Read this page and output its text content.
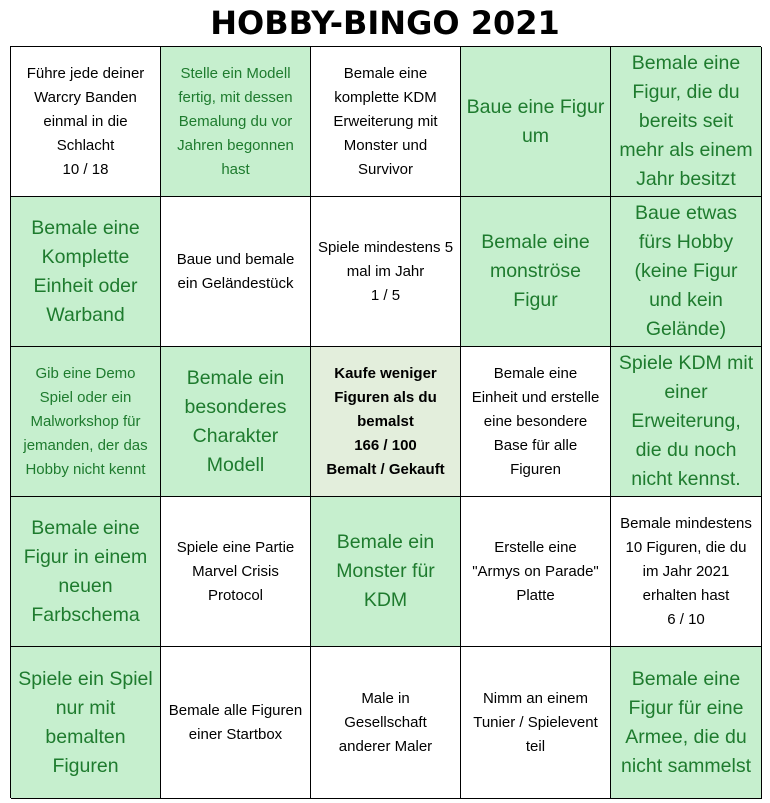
HOBBY-BINGO 2021
Führe jede deiner
Warcry Banden
einmal in die
Schlacht
10 / 18
Stelle ein Modell
fertig, mit dessen
Bemalung du vor
Jahren begonnen
hast
Bemale eine
komplette KDM
Erweiterung mit
Monster und
Survivor
Baue eine Figur
um
Bemale eine
Figur, die du
bereits seit
mehr als einem
Jahr besitzt
Bemale eine
Komplette
Einheit oder
Warband
Baue und bemale
ein Geländestück
Spiele mindestens 5
mal im Jahr
1 / 5
Bemale eine
monströse
Figur
Baue etwas
fürs Hobby
(keine Figur
und kein
Gelände)
Gib eine Demo
Spiel oder ein
Malworkshop für
jemanden, der das
Hobby nicht kennt
Bemale ein
besonderes
Charakter
Modell
Kaufe weniger
Figuren als du
bemalst
166 / 100
Bemalt / Gekauft
Bemale eine
Einheit und erstelle
eine besondere
Base für alle
Figuren
Spiele KDM mit
einer
Erweiterung,
die du noch
nicht kennst.
Bemale eine
Figur in einem
neuen
Farbschema
Spiele eine Partie
Marvel Crisis
Protocol
Bemale ein
Monster für
KDM
Erstelle eine
"Armys on Parade"
Platte
Bemale mindestens
10 Figuren, die du
im Jahr 2021
erhalten hast
6 / 10
Spiele ein Spiel
nur mit
bemalten
Figuren
Bemale alle Figuren
einer Startbox
Male in
Gesellschaft
anderer Maler
Nimm an einem
Tunier / Spielevent
teil
Bemale eine
Figur für eine
Armee, die du
nicht sammelst
